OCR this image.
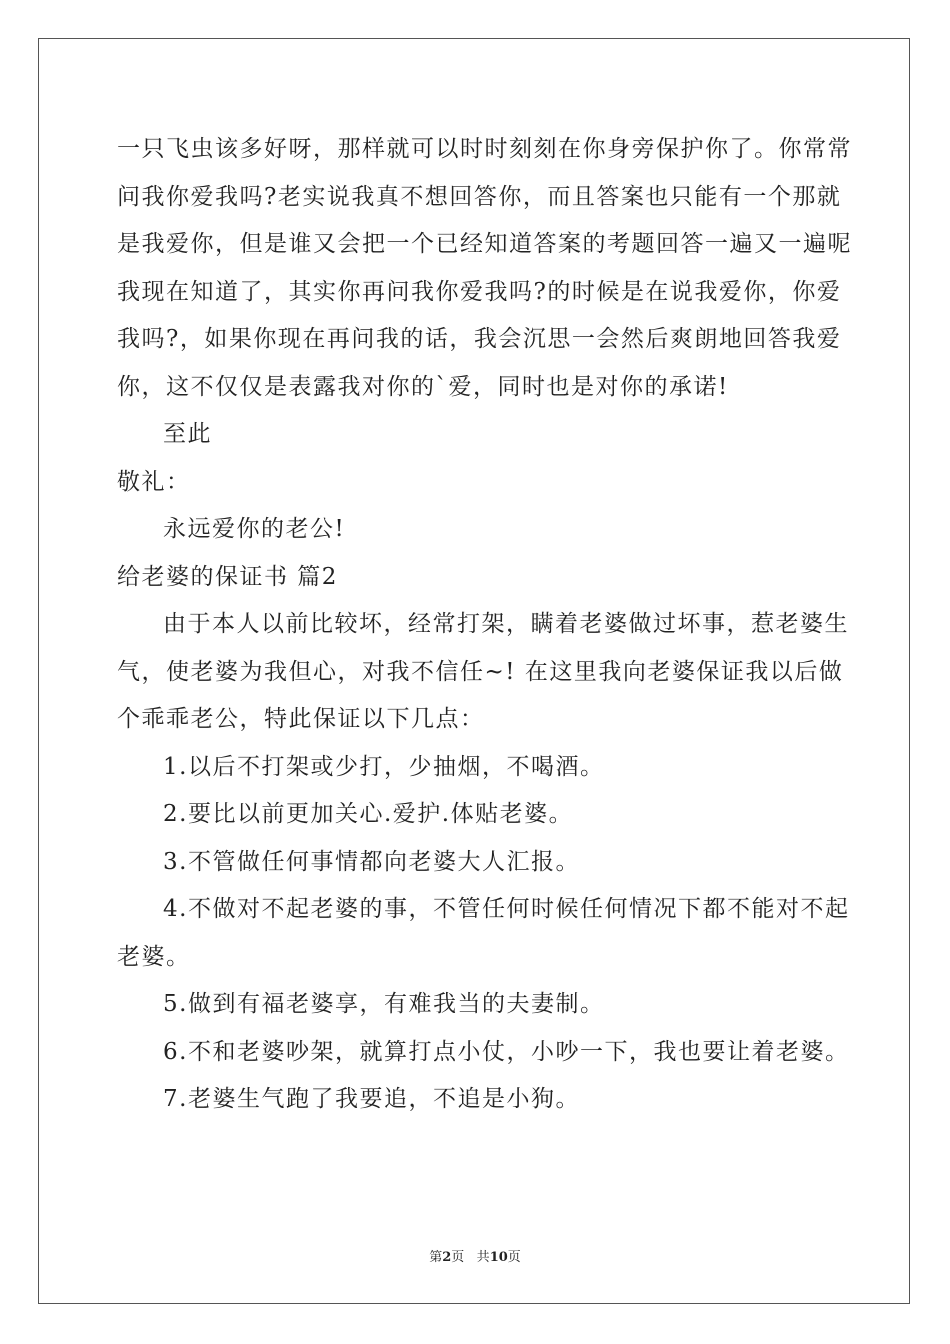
一只飞虫该多好呀，那样就可以时时刻刻在你身旁保护你了。你常常
问我你爱我吗?老实说我真不想回答你，而且答案也只能有一个那就
是我爱你，但是谁又会把一个已经知道答案的考题回答一遍又一遍呢
我现在知道了，其实你再问我你爱我吗?的时候是在说我爱你，你爱
我吗?，如果你现在再问我的话，我会沉思一会然后爽朗地回答我爱
你，这不仅仅是表露我对你的`爱，同时也是对你的承诺!
至此
敬礼：
永远爱你的老公!
给老婆的保证书 篇2
由于本人以前比较坏，经常打架，瞒着老婆做过坏事，惹老婆生
气，使老婆为我但心，对我不信任~! 在这里我向老婆保证我以后做
个乖乖老公，特此保证以下几点：
1.以后不打架或少打，少抽烟，不喝酒。
2.要比以前更加关心.爱护.体贴老婆。
3.不管做任何事情都向老婆大人汇报。
4.不做对不起老婆的事，不管任何时候任何情况下都不能对不起
老婆。
5.做到有福老婆享，有难我当的夫妻制。
6.不和老婆吵架，就算打点小仗，小吵一下，我也要让着老婆。
7.老婆生气跑了我要追，不追是小狗。
第2页 共10页
